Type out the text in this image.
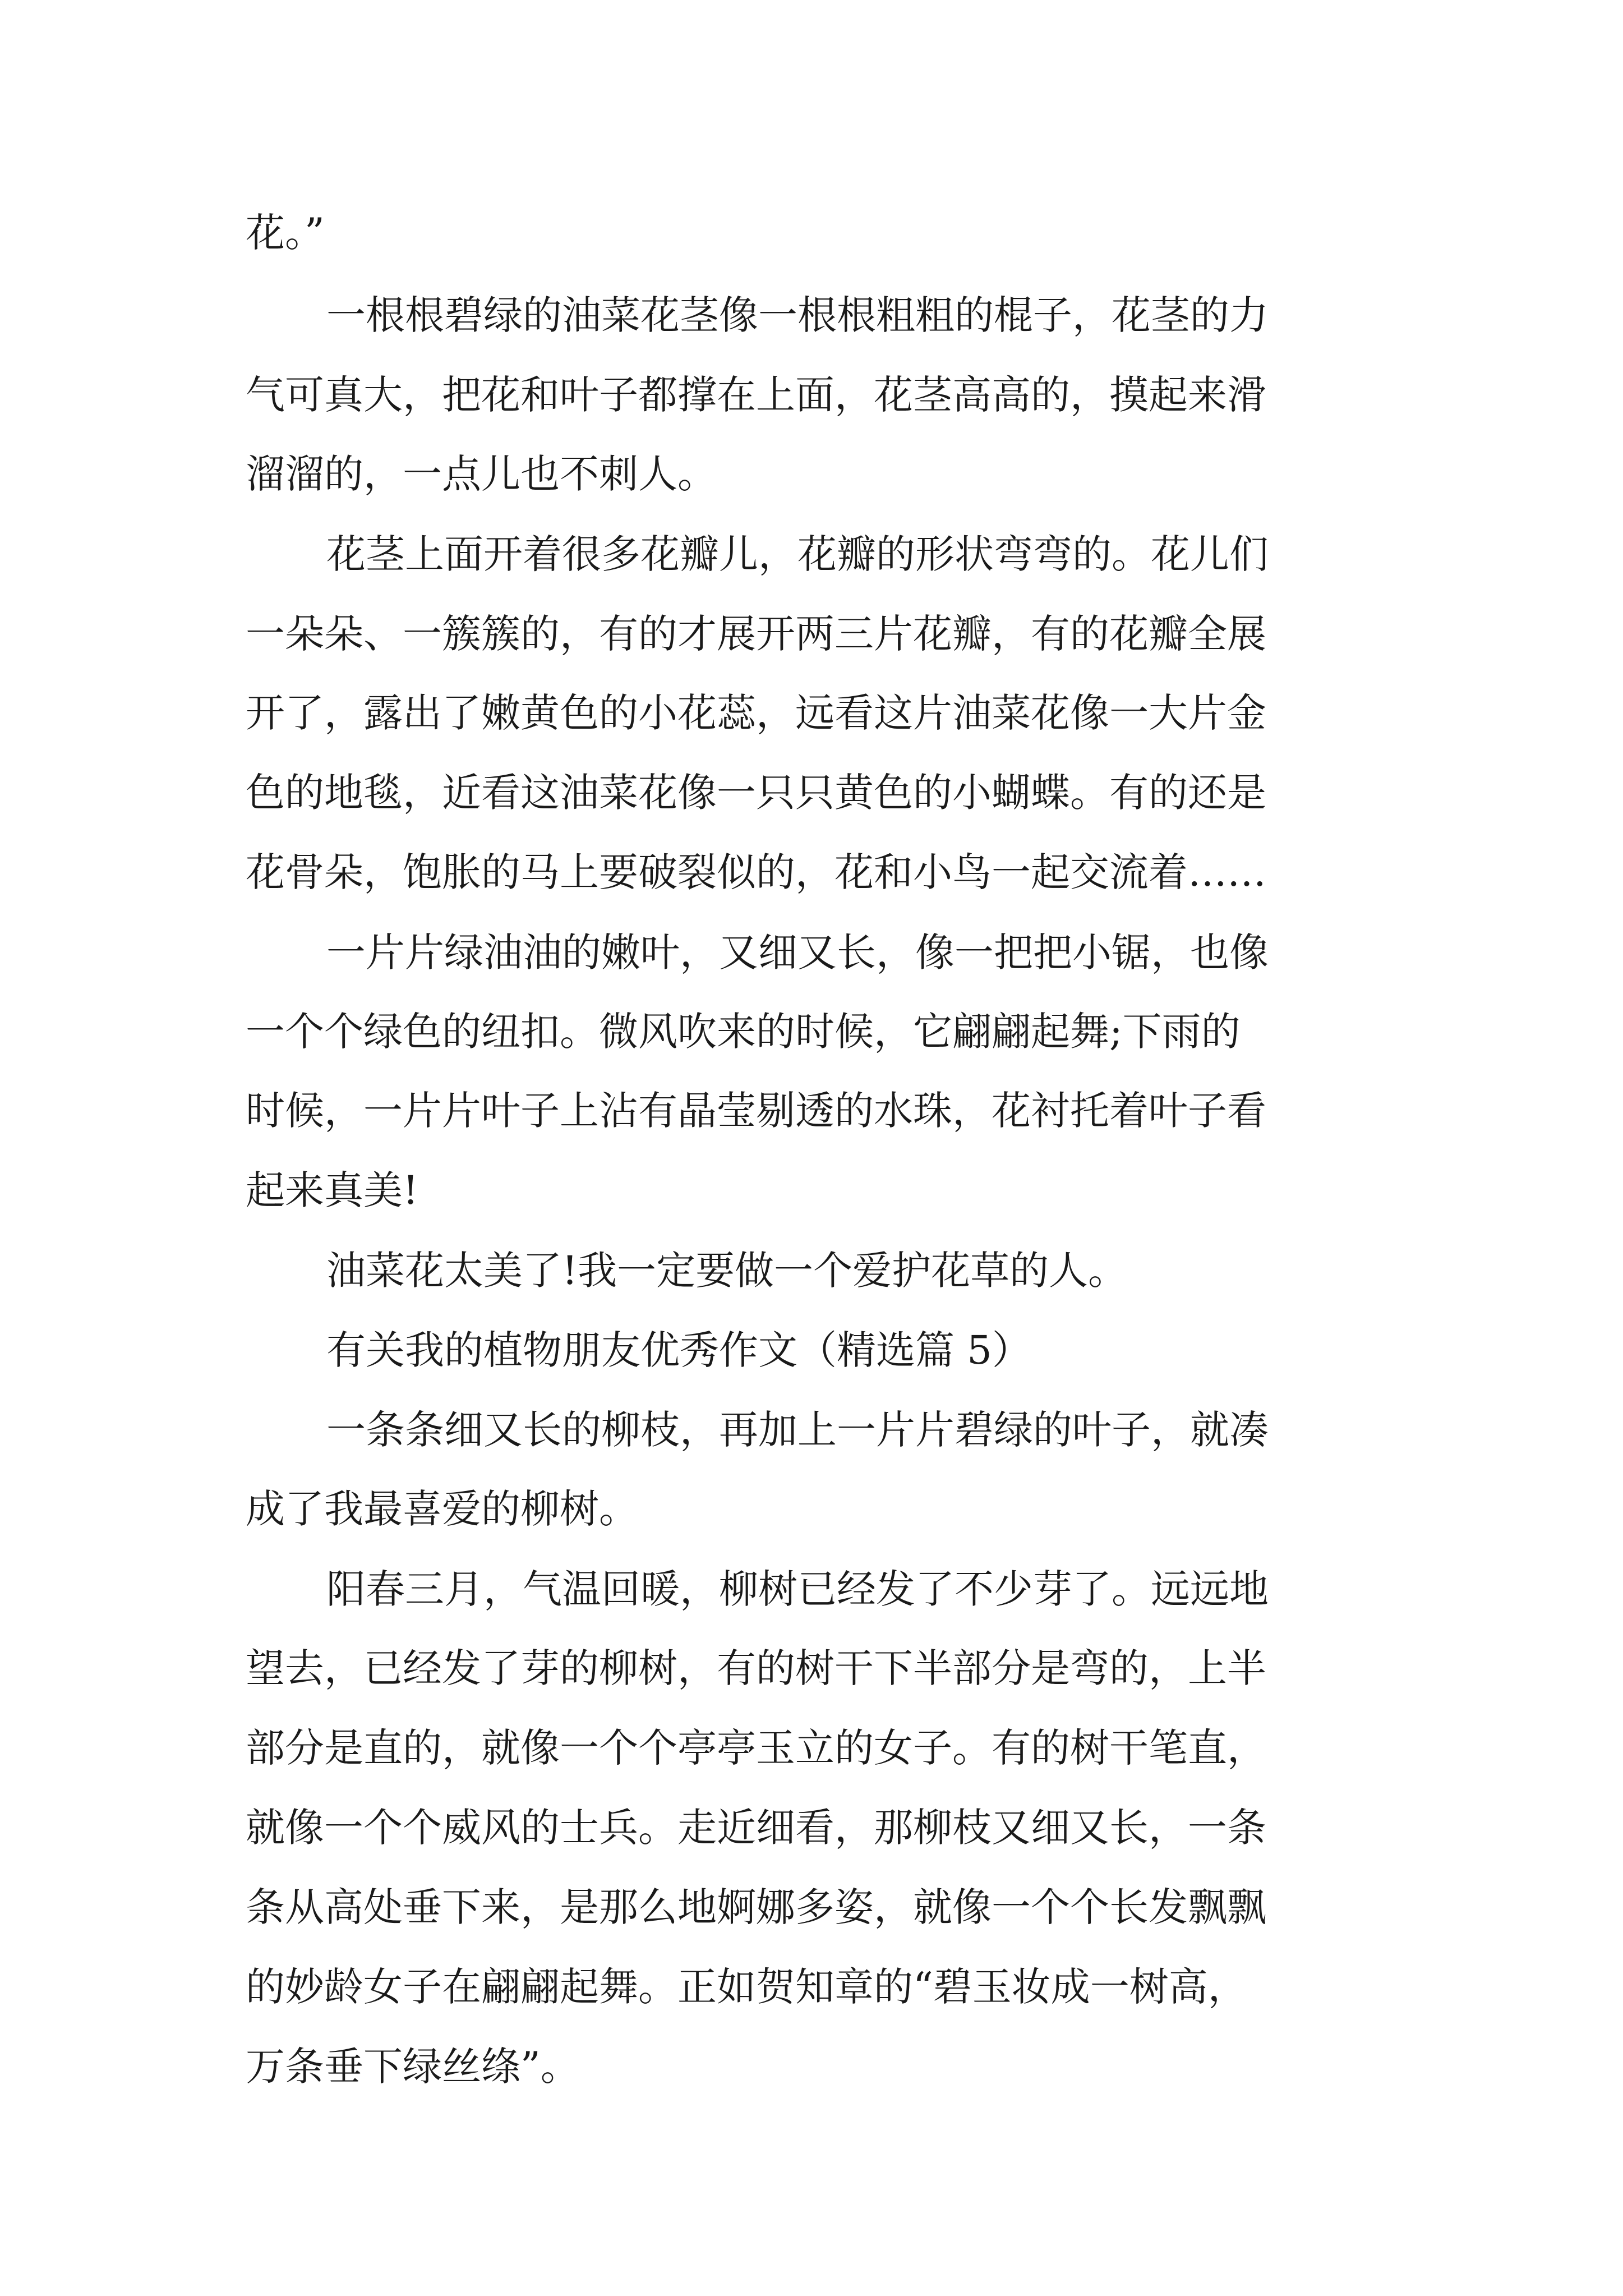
花。”

一根根碧绿的油菜花茎像一根根粗粗的棍子，花茎的力

气可真大，把花和叶子都撑在上面，花茎高高的，摸起来滑

溜溜的，一点儿也不刺人。

花茎上面开着很多花瓣儿，花瓣的形状弯弯的。花儿们

一朵朵、一簇簇的，有的才展开两三片花瓣，有的花瓣全展

开了，露出了嫩黄色的小花蕊，远看这片油菜花像一大片金

色的地毯，近看这油菜花像一只只黄色的小蝴蝶。有的还是

花骨朵，饱胀的马上要破裂似的，花和小鸟一起交流着……

一片片绿油油的嫩叶，又细又长，像一把把小锯，也像

一个个绿色的纽扣。微风吹来的时候，它翩翩起舞;下雨的

时候，一片片叶子上沾有晶莹剔透的水珠，花衬托着叶子看

起来真美!

油菜花太美了!我一定要做一个爱护花草的人。

有关我的植物朋友优秀作文（精选篇 5）

一条条细又长的柳枝，再加上一片片碧绿的叶子，就凑

成了我最喜爱的柳树。

阳春三月，气温回暖，柳树已经发了不少芽了。远远地

望去，已经发了芽的柳树，有的树干下半部分是弯的，上半

部分是直的，就像一个个亭亭玉立的女子。有的树干笔直，

就像一个个威风的士兵。走近细看，那柳枝又细又长，一条

条从高处垂下来，是那么地婀娜多姿，就像一个个长发飘飘

的妙龄女子在翩翩起舞。正如贺知章的“碧玉妆成一树高，

万条垂下绿丝绦”。
